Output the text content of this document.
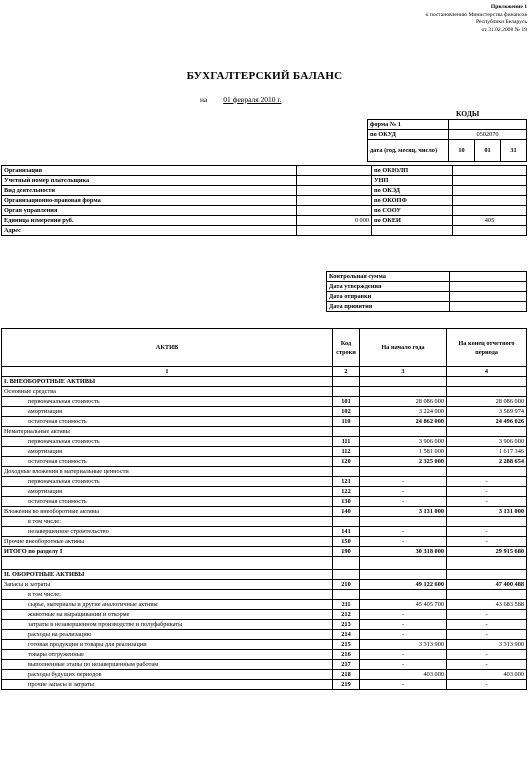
Приложение 1
к постановлению Министерства финансов
Республики Беларусь
от 31.02.2008 № 19
БУХГАЛТЕРСКИЙ БАЛАНС
на 01 февраля 2010 г.
КОДЫ
форма № 1			
по ОКУД	0502070		
дата (год, месяц, число)	10	01	31
Организация		по ОКЮЛП	
Учетный номер плательщика		УНП	
Вид деятельности		по ОКЭД	
Организационно-правовая форма		по ОКОПФ	
Орган управления		по СООУ	
Единица измерения руб.	0 000	по ОКЕИ	405
Адрес			
Контрольная сумма	
Дата утверждения	
Дата отправки	
Дата принятия	
АКТИВ	Код строки	На начало года	На конец отчетного периода
1	2	3	4
I. ВНЕОБОРОТНЫЕ АКТИВЫ			
Основные средства			
первоначальная стоимость	101	28 086 000	28 086 000
амортизация	102	3 224 000	3 589 974
остаточная стоимость	110	24 862 000	24 496 026
Нематериальные активы			
первоначальная стоимость	111	3 906 000	3 906 000
амортизация	112	1 581 000	1 617 346
остаточная стоимость	120	2 325 000	2 288 654
Доходные вложения в материальные ценности			
первоначальная стоимость	121	-	-
амортизация	122	-	-
остаточная стоимость	130	-	-
Вложения во внеоборотные активы	140	3 131 000	3 131 000
в том числе:			
незавершенное строительство	141	-	-
Прочие внеоборотные активы	150	-	-
ИТОГО по разделу I	190	30 318 000	29 915 680

II. ОБОРОТНЫЕ АКТИВЫ			
Запасы и затраты	210	49 122 600	47 400 488
в том числе:			
сырье, материалы и другие аналогичные активы	211	45 405 700	43 683 588
животные на выращивании и откорме	212	-	-
затраты в незавершенном производстве и полуфабрикаты	213	-	-
расходы на реализацию	214	-	-
готовая продукция и товары для реализации	215	3 313 900	3 313 900
товары отгруженные	216	-	-
выполненные этапы по незавершенным работам	217	-	-
расходы будущих периодов	218	403 000	403 000
прочие запасы и затраты	219	-	-
